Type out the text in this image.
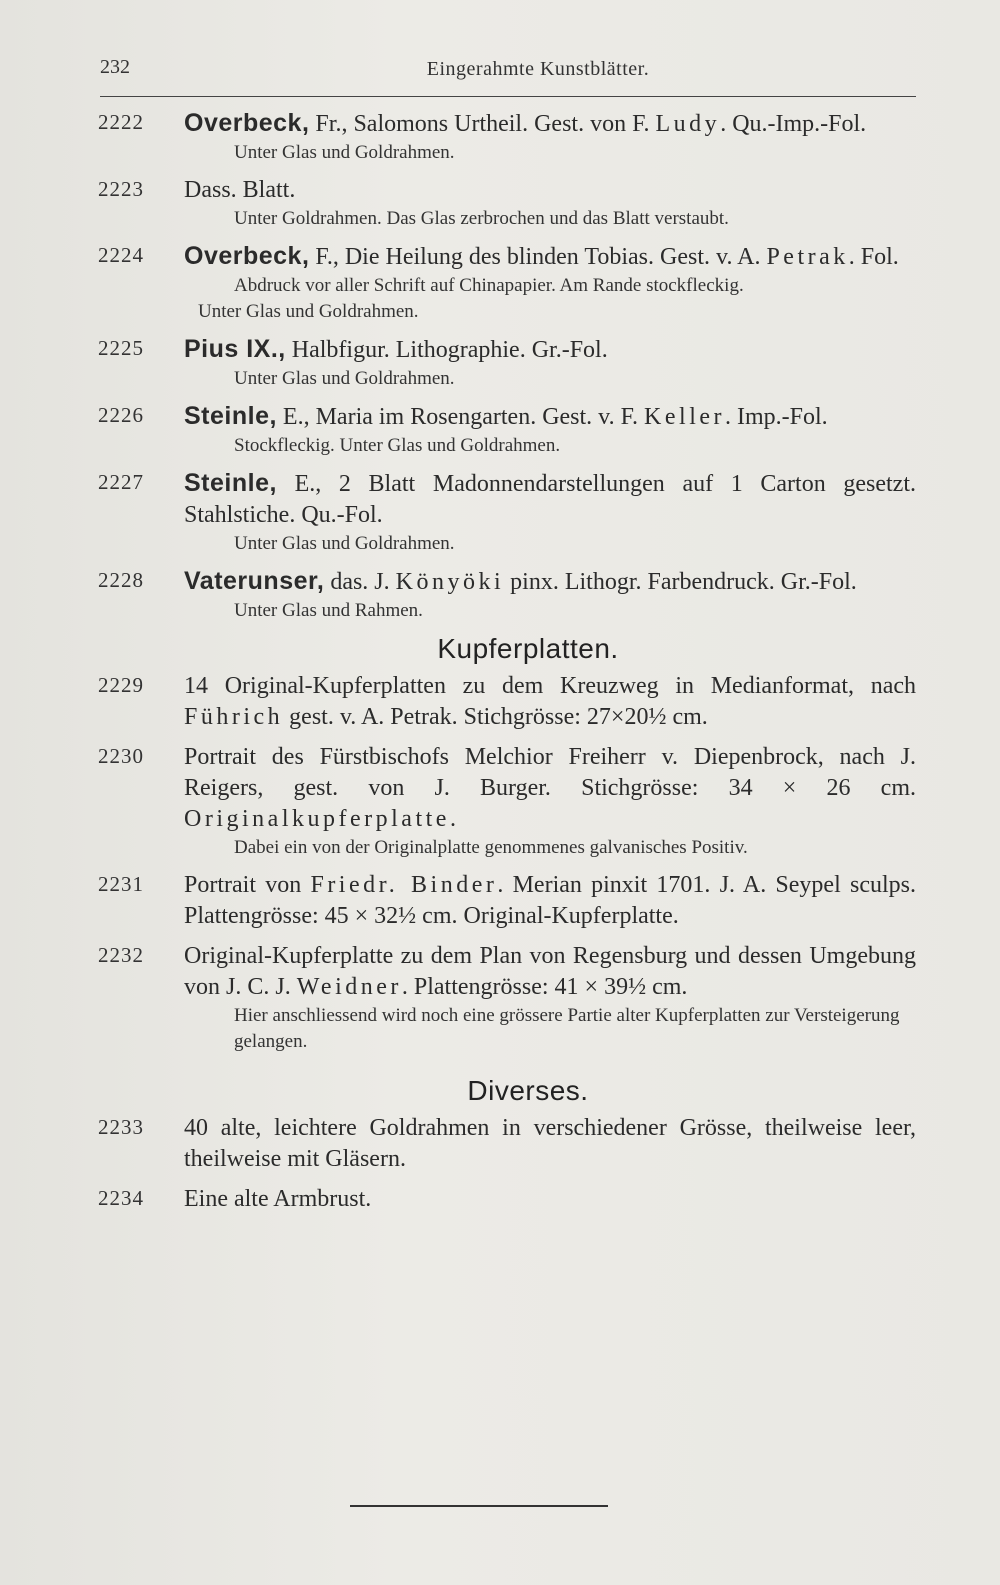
232	Eingerahmte Kunstblätter.
2222 Overbeck, Fr., Salomons Urtheil. Gest. von F. Ludy. Qu.-Imp.-Fol.
Unter Glas und Goldrahmen.
2223 Dass. Blatt.
Unter Goldrahmen. Das Glas zerbrochen und das Blatt verstaubt.
2224 Overbeck, F., Die Heilung des blinden Tobias. Gest. v. A. Petrak. Fol.
Abdruck vor aller Schrift auf Chinapapier. Am Rande stockfleckig.
Unter Glas und Goldrahmen.
2225 Pius IX., Halbfigur. Lithographie. Gr.-Fol.
Unter Glas und Goldrahmen.
2226 Steinle, E., Maria im Rosengarten. Gest. v. F. Keller. Imp.-Fol.
Stockfleckig. Unter Glas und Goldrahmen.
2227 Steinle, E., 2 Blatt Madonnendarstellungen auf 1 Carton gesetzt. Stahlstiche. Qu.-Fol.
Unter Glas und Goldrahmen.
2228 Vaterunser, das. J. Könyöki pinx. Lithogr. Farbendruck. Gr.-Fol.
Unter Glas und Rahmen.
Kupferplatten.
2229 14 Original-Kupferplatten zu dem Kreuzweg in Medianformat, nach Führich gest. v. A. Petrak. Stichgrösse: 27×20½ cm.
2230 Portrait des Fürstbischofs Melchior Freiherr v. Diepenbrock, nach J. Reigers, gest. von J. Burger. Stichgrösse: 34 × 26 cm. Originalkupferplatte.
Dabei ein von der Originalplatte genommenes galvanisches Positiv.
2231 Portrait von Friedr. Binder. Merian pinxit 1701. J. A. Seypel sculps. Plattengrösse: 45 × 32½ cm. Original-Kupferplatte.
2232 Original-Kupferplatte zu dem Plan von Regensburg und dessen Umgebung von J. C. J. Weidner. Plattengrösse: 41 × 39½ cm.
Hier anschliessend wird noch eine grössere Partie alter Kupferplatten zur Versteigerung gelangen.
Diverses.
2233 40 alte, leichtere Goldrahmen in verschiedener Grösse, theilweise leer, theilweise mit Gläsern.
2234 Eine alte Armbrust.
